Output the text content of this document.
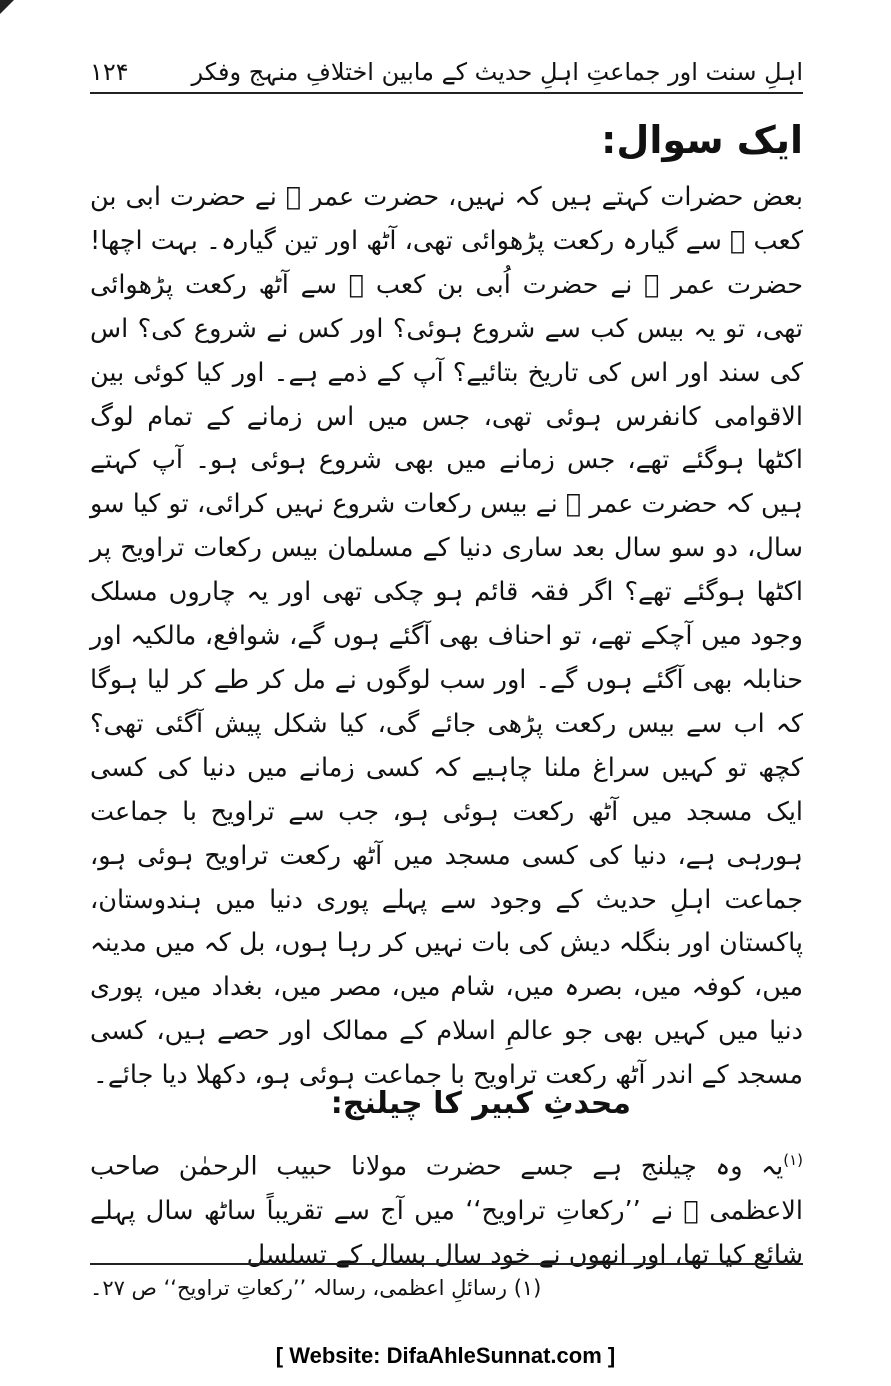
۱۲۴	اہلِ سنت اور جماعتِ اہلِ حدیث کے مابین اختلافِ منہج وفکر
ایک سوال:

بعض حضرات کہتے ہیں کہ نہیں، حضرت عمر ﷛ نے حضرت ابی بن کعب ﷛ سے گیارہ رکعت پڑھوائی تھی، آٹھ اور تین گیارہ۔ بہت اچھا! حضرت عمر ﷛ نے حضرت اُبی بن کعب ﷛ سے آٹھ رکعت پڑھوائی تھی، تو یہ بیس کب سے شروع ہوئی؟ اور کس نے شروع کی؟ اس کی سند اور اس کی تاریخ بتائیے؟ آپ کے ذمے ہے۔ اور کیا کوئی بین الاقوامی کانفرس ہوئی تھی، جس میں اس زمانے کے تمام لوگ اکٹھا ہوگئے تھے، جس زمانے میں بھی شروع ہوئی ہو۔ آپ کہتے ہیں کہ حضرت عمر ﷛ نے بیس رکعات شروع نہیں کرائی، تو کیا سو سال، دو سو سال بعد ساری دنیا کے مسلمان بیس رکعات تراویح پر اکٹھا ہوگئے تھے؟ اگر فقہ قائم ہو چکی تھی اور یہ چاروں مسلک وجود میں آچکے تھے، تو احناف بھی آگئے ہوں گے، شوافع، مالکیہ اور حنابلہ بھی آگئے ہوں گے۔ اور سب لوگوں نے مل کر طے کر لیا ہوگا کہ اب سے بیس رکعت پڑھی جائے گی، کیا شکل پیش آگئی تھی؟ کچھ تو کہیں سراغ ملنا چاہیے کہ کسی زمانے میں دنیا کی کسی ایک مسجد میں آٹھ رکعت ہوئی ہو، جب سے تراویح با جماعت ہورہی ہے، دنیا کی کسی مسجد میں آٹھ رکعت تراویح ہوئی ہو، جماعت اہلِ حدیث کے وجود سے پہلے پوری دنیا میں ہندوستان، پاکستان اور بنگلہ دیش کی بات نہیں کر رہا ہوں، بل کہ میں مدینہ میں، کوفہ میں، بصرہ میں، شام میں، مصر میں، بغداد میں، پوری دنیا میں کہیں بھی جو عالمِ اسلام کے ممالک اور حصے ہیں، کسی مسجد کے اندر آٹھ رکعت تراویح با جماعت ہوئی ہو، دکھلا دیا جائے۔

محدثِ کبیر کا چیلنج:

$^{(۱)}$یہ وہ چیلنج ہے جسے حضرت مولانا حبیب الرحمٰن صاحب الاعظمی ﷫ نے ’’رکعاتِ تراویح‘‘ میں آج سے تقریباً ساٹھ سال پہلے شائع کیا تھا، اور انھوں نے خود سال بسال کے تسلسل

(۱) رسائلِ اعظمی، رسالہ ’’رکعاتِ تراویح‘‘ ص ۲۷۔
[ Website: DifaAhleSunnat.com ]
